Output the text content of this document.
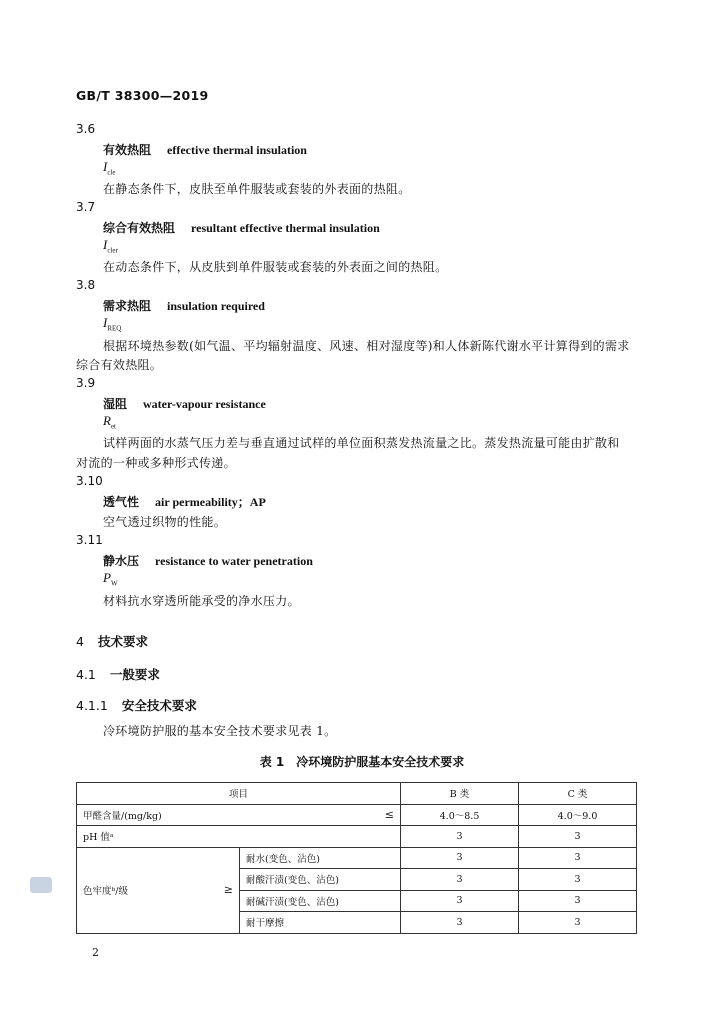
GB/T 38300—2019
3.6
有效热阻 effective thermal insulation
$I_{cle}$
在静态条件下，皮肤至单件服装或套装的外表面的热阻。
3.7
综合有效热阻 resultant effective thermal insulation
$I_{cler}$
在动态条件下，从皮肤到单件服装或套装的外表面之间的热阻。
3.8
需求热阻 insulation required
$I_{REQ}$
根据环境热参数(如气温、平均辐射温度、风速、相对湿度等)和人体新陈代谢水平计算得到的需求
综合有效热阻。
3.9
湿阻 water-vapour resistance
$R_{et}$
试样两面的水蒸气压力差与垂直通过试样的单位面积蒸发热流量之比。蒸发热流量可能由扩散和
对流的一种或多种形式传递。
3.10
透气性 air permeability；AP
空气透过织物的性能。
3.11
静水压 resistance to water penetration
$P_W$
材料抗水穿透所能承受的净水压力。
4 技术要求
4.1 一般要求
4.1.1 安全技术要求
冷环境防护服的基本安全技术要求见表 1。
表 1　冷环境防护服基本安全技术要求
项目		B 类	C 类
甲醛含量/(mg/kg) ≤		4.0～8.5	4.0～9.0
pH 值ᵃ		3	3
色牢度ᵇ/级 ≥	耐水(变色、沾色)	3	3
	耐酸汗渍(变色、沾色)	3	3
	耐碱汗渍(变色、沾色)	3	3
	耐干摩擦	3	3
2
